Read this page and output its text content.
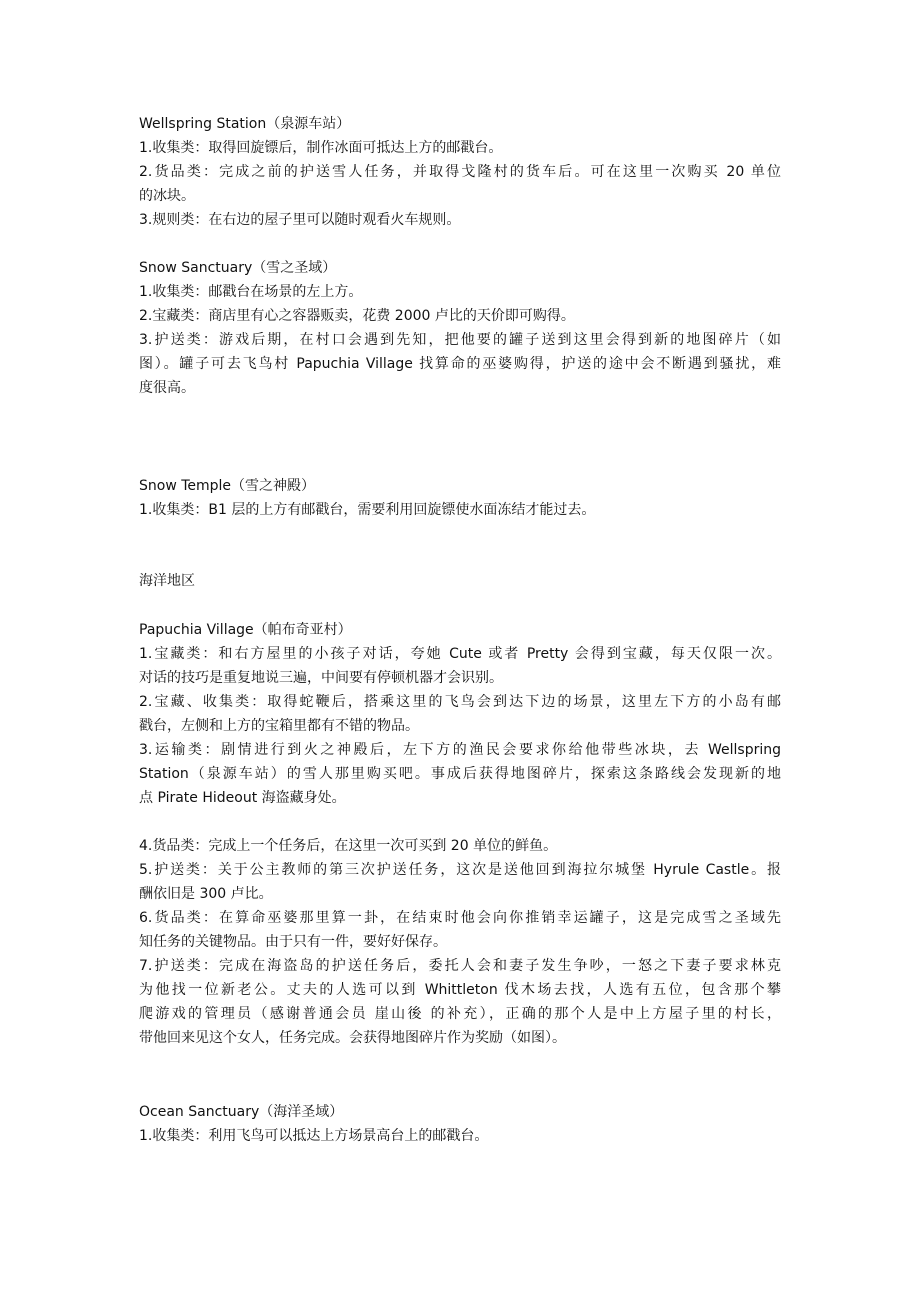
Wellspring Station（泉源车站）
1.收集类：取得回旋镖后，制作冰面可抵达上方的邮戳台。
2.货品类：完成之前的护送雪人任务，并取得戈隆村的货车后。可在这里一次购买 20 单位
的冰块。
3.规则类：在右边的屋子里可以随时观看火车规则。
Snow Sanctuary（雪之圣域）
1.收集类：邮戳台在场景的左上方。
2.宝藏类：商店里有心之容器贩卖，花费 2000 卢比的天价即可购得。
3.护送类：游戏后期，在村口会遇到先知，把他要的罐子送到这里会得到新的地图碎片（如
图）。罐子可去飞鸟村 Papuchia Village 找算命的巫婆购得，护送的途中会不断遇到骚扰，难
度很高。
Snow Temple（雪之神殿）
1.收集类：B1 层的上方有邮戳台，需要利用回旋镖使水面冻结才能过去。
海洋地区
Papuchia Village（帕布奇亚村）
1.宝藏类：和右方屋里的小孩子对话，夸她 Cute 或者 Pretty 会得到宝藏，每天仅限一次。
对话的技巧是重复地说三遍，中间要有停顿机器才会识别。
2.宝藏、收集类：取得蛇鞭后，搭乘这里的飞鸟会到达下边的场景，这里左下方的小岛有邮
戳台，左侧和上方的宝箱里都有不错的物品。
3.运输类：剧情进行到火之神殿后，左下方的渔民会要求你给他带些冰块，去 Wellspring
Station（泉源车站）的雪人那里购买吧。事成后获得地图碎片，探索这条路线会发现新的地
点 Pirate Hideout 海盗藏身处。
4.货品类：完成上一个任务后，在这里一次可买到 20 单位的鲜鱼。
5.护送类：关于公主教师的第三次护送任务，这次是送他回到海拉尔城堡 Hyrule Castle。报
酬依旧是 300 卢比。
6.货品类：在算命巫婆那里算一卦，在结束时他会向你推销幸运罐子，这是完成雪之圣域先
知任务的关键物品。由于只有一件，要好好保存。
7.护送类：完成在海盗岛的护送任务后，委托人会和妻子发生争吵，一怒之下妻子要求林克
为他找一位新老公。丈夫的人选可以到 Whittleton 伐木场去找，人选有五位，包含那个攀
爬游戏的管理员（感谢普通会员 崖山後 的补充），正确的那个人是中上方屋子里的村长，
带他回来见这个女人，任务完成。会获得地图碎片作为奖励（如图）。
Ocean Sanctuary（海洋圣域）
1.收集类：利用飞鸟可以抵达上方场景高台上的邮戳台。
